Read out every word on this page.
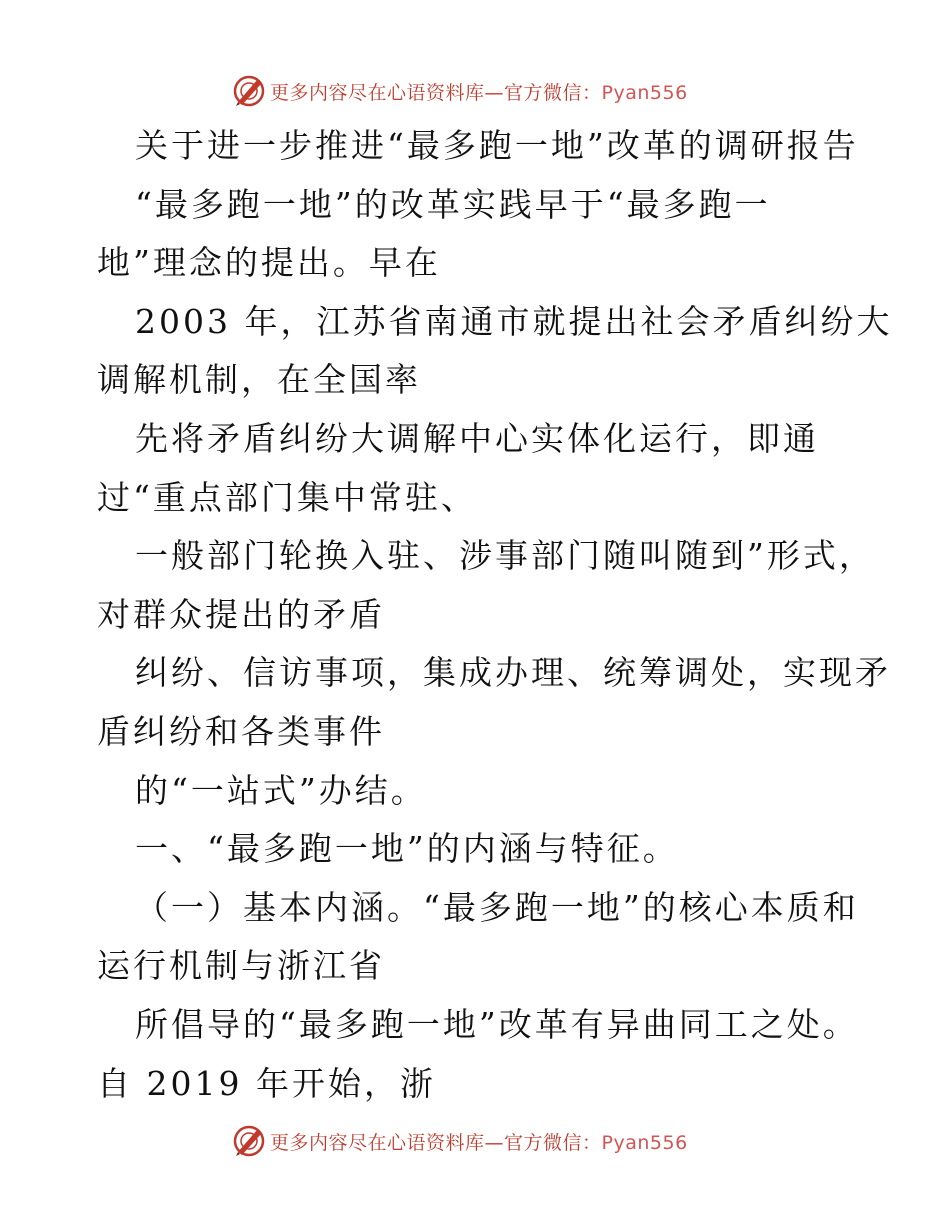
更多内容尽在心语资料库—官方微信：Pyan556
关于进一步推进“最多跑一地”改革的调研报告
“最多跑一地”的改革实践早于“最多跑一
地”理念的提出。早在
2003 年，江苏省南通市就提出社会矛盾纠纷大
调解机制，在全国率
先将矛盾纠纷大调解中心实体化运行，即通
过“重点部门集中常驻、
一般部门轮换入驻、涉事部门随叫随到”形式，
对群众提出的矛盾
纠纷、信访事项，集成办理、统筹调处，实现矛
盾纠纷和各类事件
的“一站式”办结。
一、“最多跑一地”的内涵与特征。
（一）基本内涵。“最多跑一地”的核心本质和
运行机制与浙江省
所倡导的“最多跑一地”改革有异曲同工之处。
自 2019 年开始，浙
更多内容尽在心语资料库—官方微信：Pyan556
